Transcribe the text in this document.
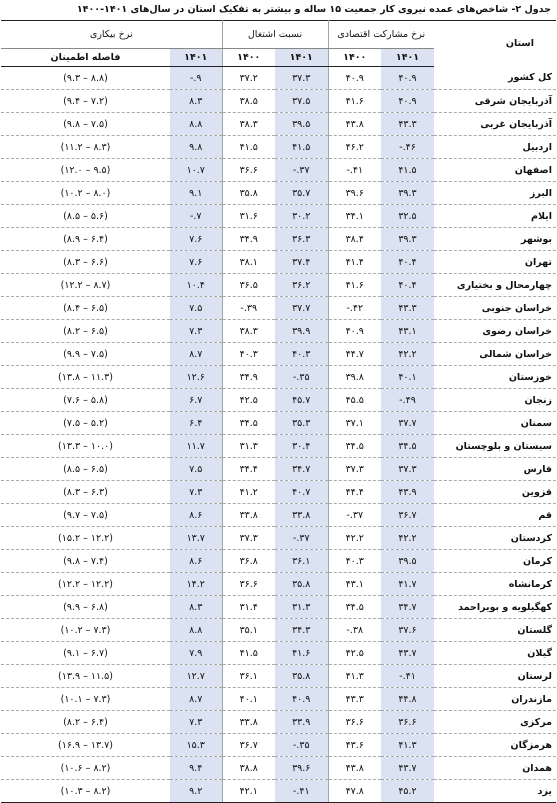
جدول ۲- شاخص‌های عمده نیروی کار جمعیت ۱۵ ساله و بیشتر به تفکیک استان در سال‌های ۱۴۰۱-۱۴۰۰
استان	نرخ مشارکت اقتصادی		نسبت اشتغال		نرخ بیکاری	
	۱۴۰۱	۱۴۰۰	۱۴۰۱	۱۴۰۰	۱۴۰۱	فاصله اطمینان
کل کشور	۴۰.۹	۴۰.۹	۳۷.۳	۳۷.۲	۹.-	(۸.۸ – ۹.۳)
آذربایجان شرقی	۴۰.۹	۴۱.۶	۳۷.۵	۳۸.۵	۸.۳	(۷.۲ – ۹.۴)
آذربایجان غربی	۴۳.۳	۴۳.۸	۳۹.۵	۳۸.۳	۸.۸	(۷.۵ – ۹.۸)
اردبیل	۴۶.-	۴۶.۲	۴۱.۵	۴۱.۵	۹.۸	(۸.۳ – ۱۱.۲)
اصفهان	۴۱.۵	۴۱.-	۳۷.-	۳۶.۶	۱۰.۷	(۹.۵ – ۱۲.۰)
البرز	۳۹.۳	۳۹.۶	۳۵.۷	۳۵.۸	۹.۱	(۸.۰ – ۱۰.۲)
ایلام	۳۲.۵	۳۴.۱	۳۰.۲	۳۱.۶	۷.-	(۵.۶ – ۸.۵)
بوشهر	۳۹.۳	۳۸.۴	۳۶.۳	۳۴.۹	۷.۶	(۶.۴ – ۸.۹)
تهران	۴۰.۴	۴۱.۴	۳۷.۴	۳۸.۱	۷.۶	(۶.۶ – ۸.۳)
چهارمحال و بختیاری	۴۰.۴	۴۱.۶	۳۶.۲	۳۶.۵	۱۰.۴	(۸.۷ – ۱۲.۲)
خراسان جنوبی	۴۳.۳	۴۲.-	۳۷.۷	۳۹.-	۷.۵	(۶.۵ – ۸.۴)
خراسان رضوی	۴۳.۱	۴۰.۹	۳۹.۹	۳۸.۳	۷.۳	(۶.۵ – ۸.۲)
خراسان شمالی	۴۲.۲	۴۴.۷	۴۰.۳	۴۰.۳	۸.۷	(۷.۵ – ۹.۹)
خوزستان	۴۰.۱	۳۹.۸	۳۵.-	۳۴.۹	۱۲.۶	(۱۱.۳ – ۱۳.۸)
زنجان	۴۹.-	۴۵.۵	۴۵.۷	۴۲.۵	۶.۷	(۵.۸ – ۷.۶)
سمنان	۳۷.۷	۳۷.۱	۳۵.۳	۳۴.۵	۶.۴	(۵.۲ – ۷.۵)
سیستان و بلوچستان	۳۴.۵	۳۴.۵	۳۰.۴	۳۱.۳	۱۱.۷	(۱۰.۰ – ۱۳.۳)
فارس	۳۷.۳	۳۷.۳	۳۴.۷	۳۴.۴	۷.۵	(۶.۵ – ۸.۵)
قزوین	۴۳.۹	۴۴.۴	۴۰.۷	۴۱.۲	۷.۳	(۶.۳ – ۸.۳)
قم	۳۶.۷	۳۷.-	۳۳.۸	۳۳.۸	۸.۶	(۷.۵ – ۹.۷)
کردستان	۴۲.۲	۴۲.۲	۳۷.-	۳۷.۳	۱۳.۷	(۱۲.۲ – ۱۵.۲)
کرمان	۳۹.۵	۴۰.۳	۳۶.۱	۳۶.۸	۸.۶	(۷.۴ – ۹.۸)
کرمانشاه	۴۱.۷	۴۳.۱	۳۵.۸	۳۶.۶	۱۴.۲	(۱۲.۲ – ۱۲.۲)
کهگیلویه و بویراحمد	۳۴.۷	۳۴.۵	۳۱.۳	۳۱.۴	۸.۳	(۶.۸ – ۹.۹)
گلستان	۳۷.۶	۳۸.-	۳۴.۳	۳۵.۱	۸.۸	(۷.۳ – ۱۰.۲)
گیلان	۴۳.۷	۴۲.۵	۴۱.۶	۴۱.۵	۷.۹	(۶.۷ – ۹.۱)
لرستان	۴۱.-	۴۱.۳	۳۵.۸	۳۶.۱	۱۲.۷	(۱۱.۵ – ۱۳.۹)
مازندران	۴۴.۸	۴۳.۳	۴۰.۹	۴۰.۱	۸.۷	(۷.۳ – ۱۰.۱)
مرکزی	۳۶.۶	۳۶.۶	۳۳.۹	۳۳.۸	۷.۳	(۶.۴ – ۸.۲)
هرمزگان	۴۱.۳	۴۳.۶	۳۵.-	۳۶.۷	۱۵.۳	(۱۳.۷ – ۱۶.۹)
همدان	۴۳.۷	۴۳.۸	۳۹.۶	۳۸.۸	۹.۴	(۸.۲ – ۱۰.۶)
یزد	۴۵.۲	۴۷.۸	۴۱.-	۴۲.۱	۹.۲	(۸.۲ – ۱۰.۳)
